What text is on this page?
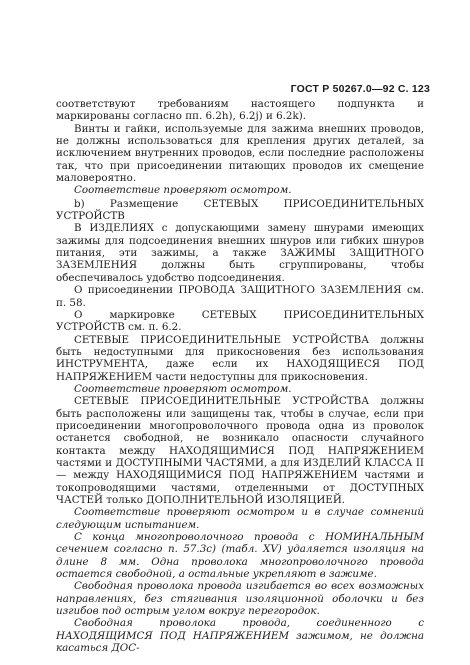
ГОСТ Р 50267.0—92 С. 123

соответствуют требованиям настоящего подпункта и маркированы согласно пп. 6.2h), 6.2j) и 6.2k).

Винты и гайки, используемые для зажима внешних проводов, не должны использоваться для крепления других деталей, за исключением внутренних проводов, если последние расположены так, что при присоединении питающих проводов их смещение маловероятно.

Соответствие проверяют осмотром.

b) Размещение СЕТЕВЫХ ПРИСОЕДИНИТЕЛЬНЫХ УСТРОЙСТВ

В ИЗДЕЛИЯХ с допускающими замену шнурами имеющих зажимы для подсоединения внешних шнуров или гибких шнуров питания, эти зажимы, а также ЗАЖИМЫ ЗАЩИТНОГО ЗАЗЕМЛЕНИЯ должны быть сгруппированы, чтобы обеспечивалось удобство подсоединения.

О присоединении ПРОВОДА ЗАЩИТНОГО ЗАЗЕМЛЕНИЯ см. п. 58.

О маркировке СЕТЕВЫХ ПРИСОЕДИНИТЕЛЬНЫХ УСТРОЙСТВ см. п. 6.2.

СЕТЕВЫЕ ПРИСОЕДИНИТЕЛЬНЫЕ УСТРОЙСТВА должны быть недоступными для прикосновения без использования ИНСТРУМЕНТА, даже если их НАХОДЯЩИЕСЯ ПОД НАПРЯЖЕНИЕМ части недоступны для прикосновения.

Соответствие проверяют осмотром.

СЕТЕВЫЕ ПРИСОЕДИНИТЕЛЬНЫЕ УСТРОЙСТВА должны быть расположены или защищены так, чтобы в случае, если при присоединении многопроволочного провода одна из проволок останется свободной, не возникало опасности случайного контакта между НАХОДЯЩИМИСЯ ПОД НАПРЯЖЕНИЕМ частями и ДОСТУПНЫМИ ЧАСТЯМИ, а для ИЗДЕЛИЙ КЛАССА II — между НАХОДЯЩИМИСЯ ПОД НАПРЯЖЕНИЕМ частями и токопроводящими частями, отделенными от ДОСТУПНЫХ ЧАСТЕЙ только ДОПОЛНИТЕЛЬНОЙ ИЗОЛЯЦИЕЙ.

Соответствие проверяют осмотром и в случае сомнений следующим испытанием.

С конца многопроволочного провода с НОМИНАЛЬНЫМ сечением согласно п. 57.3с) (табл. XV) удаляется изоляция на длине 8 мм. Одна проволока многопроволочного провода остается свободной, а остальные укрепляют в зажиме.

Свободная проволока провода изгибается во всех возможных направлениях, без стягивания изоляционной оболочки и без изгибов под острым углом вокруг перегородок.

Свободная проволока провода, соединенного с НАХОДЯЩИМСЯ ПОД НАПРЯЖЕНИЕМ зажимом, не должна касаться ДОС-
